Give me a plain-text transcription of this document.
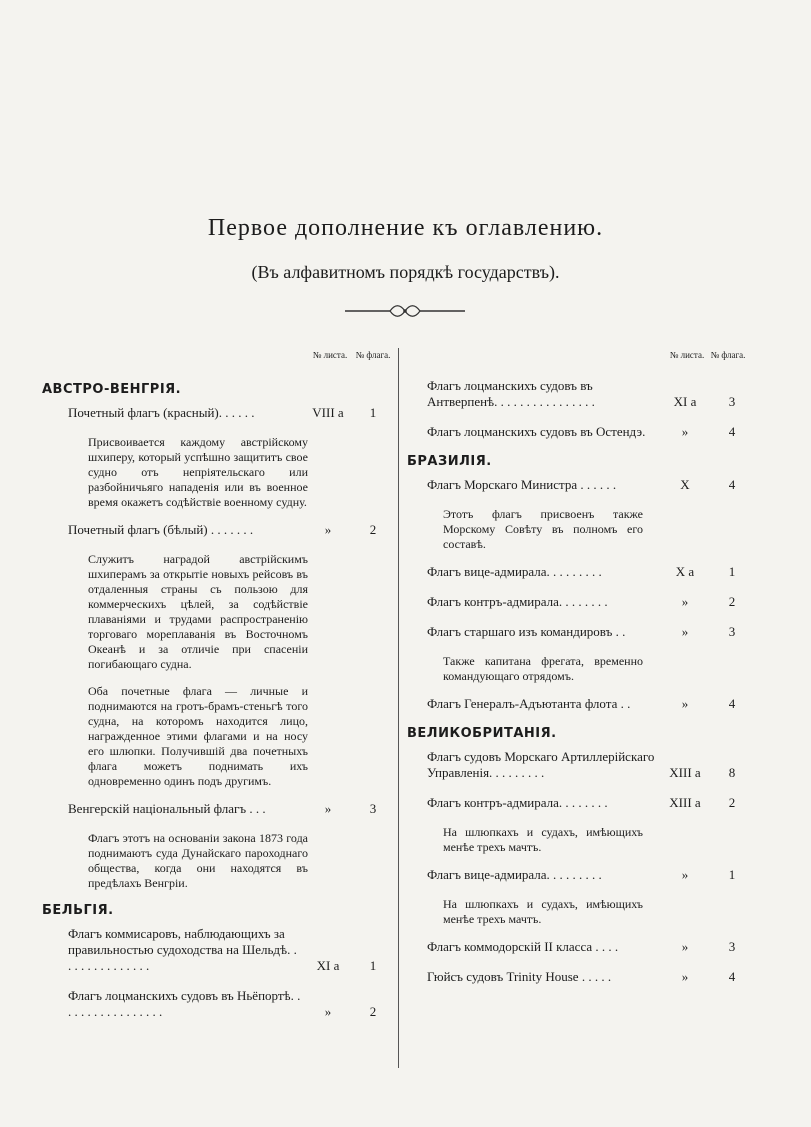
Первое дополнение къ оглавлению.
(Въ алфавитномъ порядкѣ государствъ).
№ листа. № флага.
АВСТРО-ВЕНГРІЯ.
Почетный флагъ (красный). . . . . .	VIII а	1
Присвоивается каждому австрійскому шхиперу, который успѣшно защититъ свое судно отъ непріятельскаго или разбойничьяго нападенія или въ военное время окажетъ содѣйствіе военному судну.
Почетный флагъ (бѣлый) . . . . . . .	»	2
Служитъ наградой австрійскимъ шхиперамъ за открытіе новыхъ рейсовъ въ отдаленныя страны съ пользою для коммерческихъ цѣлей, за содѣйствіе плаваніями и трудами распространенію торговаго мореплаванія въ Восточномъ Океанѣ и за отличіе при спасеніи погибающаго судна.
Оба почетные флага — личные и поднимаются на гротъ-брамъ-стеньгѣ того судна, на которомъ находится лицо, награжденное этими флагами и на носу его шлюпки. Получившій два почетныхъ флага можетъ поднимать ихъ одновременно одинъ подъ другимъ.
Венгерскій національный флагъ . . .	»	3
Флагъ этотъ на основаніи закона 1873 года поднимаютъ суда Дунайскаго пароходнаго общества, когда они находятся въ предѣлахъ Венгріи.
БЕЛЬГІЯ.
Флагъ коммисаровъ, наблюдающихъ за правильностью судоходства на Шельдѣ. . . . . . . . . . . . . . .	XI а	1
Флагъ лоцманскихъ судовъ въ Ньёпортѣ. . . . . . . . . . . . . . . . .	»	2
№ листа. № флага.
Флагъ лоцманскихъ судовъ въ Антверпенѣ. . . . . . . . . . . . . . . .	XI а	3
Флагъ лоцманскихъ судовъ въ Остендэ.	»	4
БРАЗИЛІЯ.
Флагъ Морскаго Министра . . . . . .	X	4
Этотъ флагъ присвоенъ также Морскому Совѣту въ полномъ его составѣ.
Флагъ вице-адмирала. . . . . . . . .	X а	1
Флагъ контръ-адмирала. . . . . . . .	»	2
Флагъ старшаго изъ командировъ . .	»	3
Также капитана фрегата, временно командующаго отрядомъ.
Флагъ Генералъ-Адъютанта флота . .	»	4
ВЕЛИКОБРИТАНІЯ.
Флагъ судовъ Морскаго Артиллерійскаго Управленія. . . . . . . . .	XIII а	8
Флагъ контръ-адмирала. . . . . . . .	XIII а	2
На шлюпкахъ и судахъ, имѣющихъ менѣе трехъ мачтъ.
Флагъ вице-адмирала. . . . . . . . .	»	1
На шлюпкахъ и судахъ, имѣющихъ менѣе трехъ мачтъ.
Флагъ коммодорскій II класса . . . .	»	3
Гюйсъ судовъ Trinity House . . . . .	»	4
